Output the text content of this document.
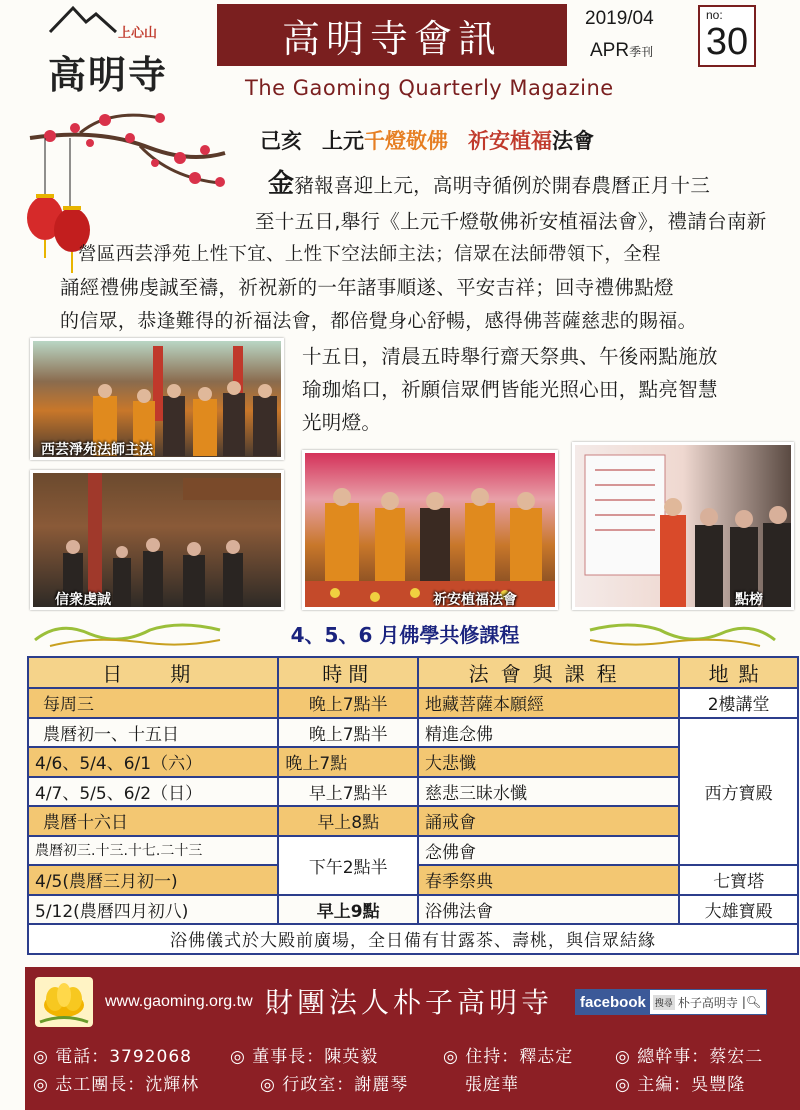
上心山
高明寺
高明寺會訊	2019/04
APR季刊
no:
30
The Gaoming Quarterly Magazine
己亥 上元千燈敬佛 祈安植福法會
金豬報喜迎上元，高明寺循例於開春農曆正月十三
至十五日,舉行《上元千燈敬佛祈安植福法會》，禮請台南新
營區西芸淨苑上性下宜、上性下空法師主法；信眾在法師帶領下，全程
誦經禮佛虔誠至禱，祈祝新的一年諸事順遂、平安吉祥；回寺禮佛點燈
的信眾，恭逢難得的祈福法會，都倍覺身心舒暢，感得佛菩薩慈悲的賜福。
十五日，清晨五時舉行齋天祭典、午後兩點施放
瑜珈焰口，祈願信眾們皆能光照心田，點亮智慧
光明燈。
西芸淨苑法師主法
信衆虔誠	祈安植福法會	點榜
4、5、6 月佛學共修課程
日　期	時間	法會與課程	地點
每周三	晚上7點半	地藏菩薩本願經	2樓講堂
農曆初一、十五日	晚上7點半	精進念佛	西方寶殿
4/6、5/4、6/1（六）	晚上7點	大悲懺	
4/7、5/5、6/2（日）	早上7點半	慈悲三昧水懺	
農曆十六日	早上8點	誦戒會	
農曆初三.十三.十七.二十三	下午2點半	念佛會	
4/5(農曆三月初一)		春季祭典	七寶塔
5/12(農曆四月初八)	早上9點	浴佛法會	大雄寶殿
浴佛儀式於大殿前廣場，全日備有甘露茶、壽桃，與信眾結緣			
www.gaoming.org.tw 財團法人朴子高明寺 facebook	搜尋 朴子高明寺 |🔍︎
◎ 電話：3792068 ◎ 董事長：陳英毅	◎ 住持：釋志定 ◎ 總幹事：蔡宏二
◎ 志工團長：沈輝林	◎ 行政室：謝麗琴	張庭華	◎ 主編：吳豐隆
